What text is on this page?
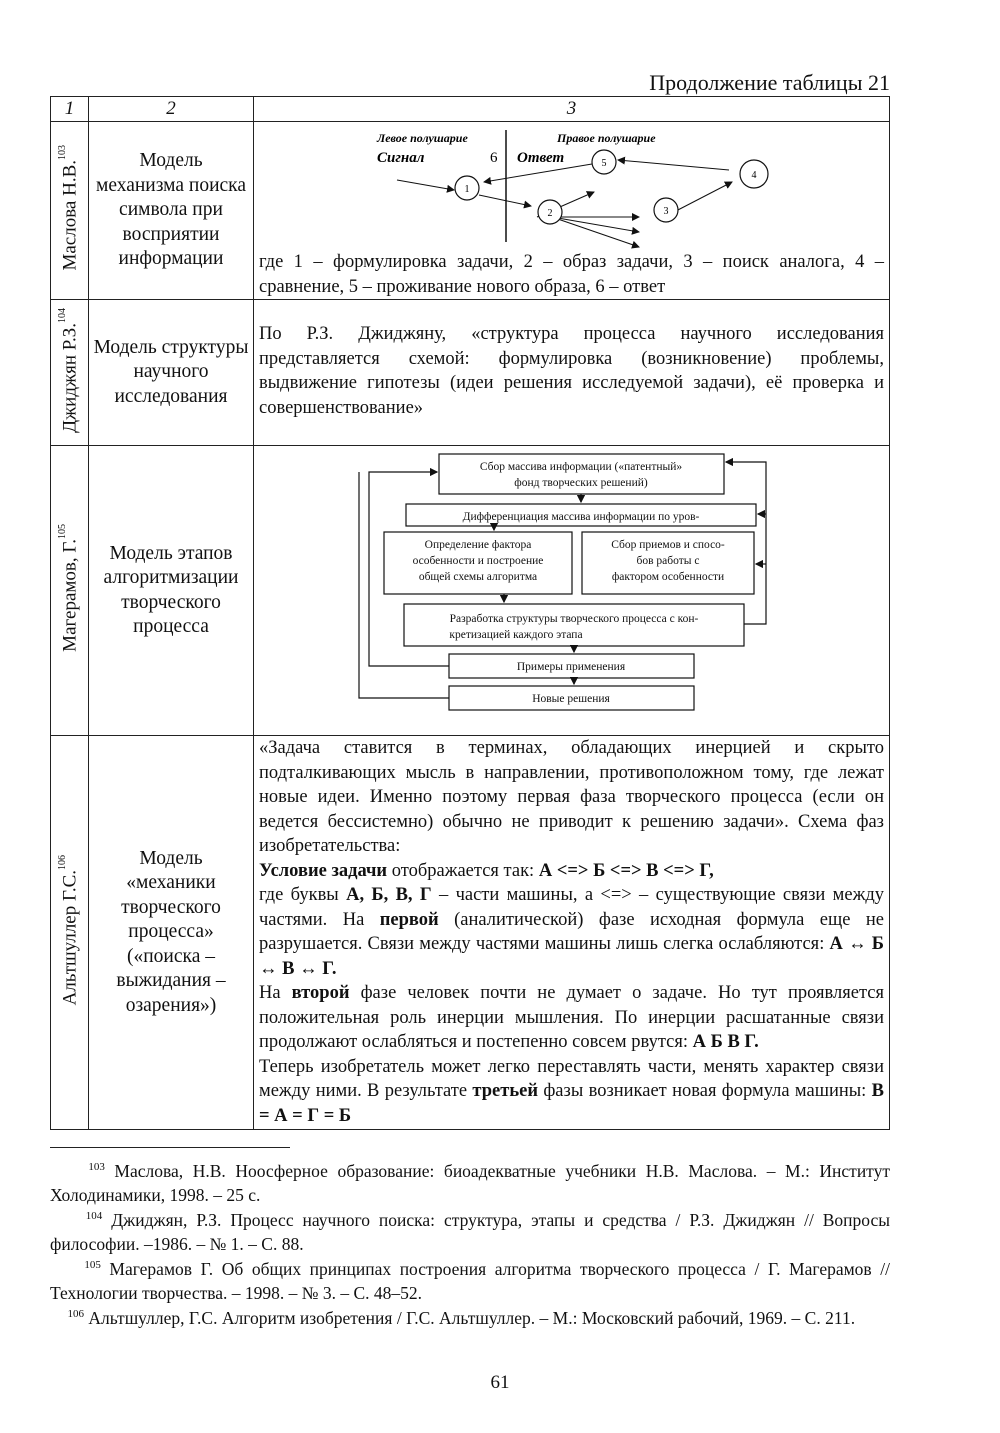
Продолжение таблицы 21
1	2	3
Маслова Н.В.$^{103}$	Модель механизма поиска символа при восприятии информации	
Левое полушарие	Правое полушарие
Сигнал	6 Ответ
1
2	3
4
5
где 1 – формулировка задачи, 2 – образ задачи, 3 – поиск аналога, 4 – сравнение, 5 – проживание нового образа, 6 – ответ

Джиджян Р.З.$^{104}$	Модель структуры научного исследования	По Р.З. Джиджяну, «структура процесса научного исследования представляется схемой: формулировка (возникновение) проблемы, выдвижение гипотезы (идеи решения исследуемой задачи), её проверка и совершенствование»
Магерамов, Г.$^{105}$	Модель этапов алгоритмизации творческого процесса	
Сбор массива информации («патентный»
фонд творческих решений)
Дифференциация массива информации по уров-
Определение фактора
особенности и построение
общей схемы алгоритма
Сбор приемов и спосо-
бов работы с
фактором особенности
Разработка структуры творческого процесса с кон-
кретизацией каждого этапа
Примеры применения
Новые решения

Альтшуллер Г.С.$^{106}$	Модель «механики творческого процесса» («поиска – выжидания – озарения»)	«Задача ставится в терминах, обладающих инерцией и скрыто подталкивающих мысль в направлении, противоположном тому, где лежат новые идеи. Именно поэтому первая фаза творческого процесса (если он ведется бессистемно) обычно не приводит к решению задачи». Схема фаз изобретательства:
Условие задачи отображается так: А <=> Б <=> В <=> Г,
где буквы А, Б, В, Г – части машины, а <=> – существующие связи между частями. На первой (аналитической) фазе исходная формула еще не разрушается. Связи между частями машины лишь слегка ослабляются: А ↔ Б ↔ В ↔ Г.
На второй фазе человек почти не думает о задаче. Но тут проявляется положительная роль инерции мышления. По инерции расшатанные связи продолжают ослабляться и постепенно совсем рвутся: А Б В Г.
Теперь изобретатель может легко переставлять части, менять характер связи между ними. В результате третьей фазы возникает новая формула машины: В = А = Г = Б
$^{103}$ Маслова, Н.В. Ноосферное образование: биоадекватные учебники Н.В. Маслова. – М.: Институт Холодинамики, 1998. – 25 с.
$^{104}$ Джиджян, Р.З. Процесс научного поиска: структура, этапы и средства / Р.З. Джиджян // Вопросы философии. –1986. – № 1. – С. 88.
$^{105}$ Магерамов Г. Об общих принципах построения алгоритма творческого процесса / Г. Магерамов // Технологии творчества. – 1998. – № 3. – С. 48–52.
$^{106}$ Альтшуллер, Г.С. Алгоритм изобретения / Г.С. Альтшуллер. – М.: Московский рабочий, 1969. – С. 211.
61
